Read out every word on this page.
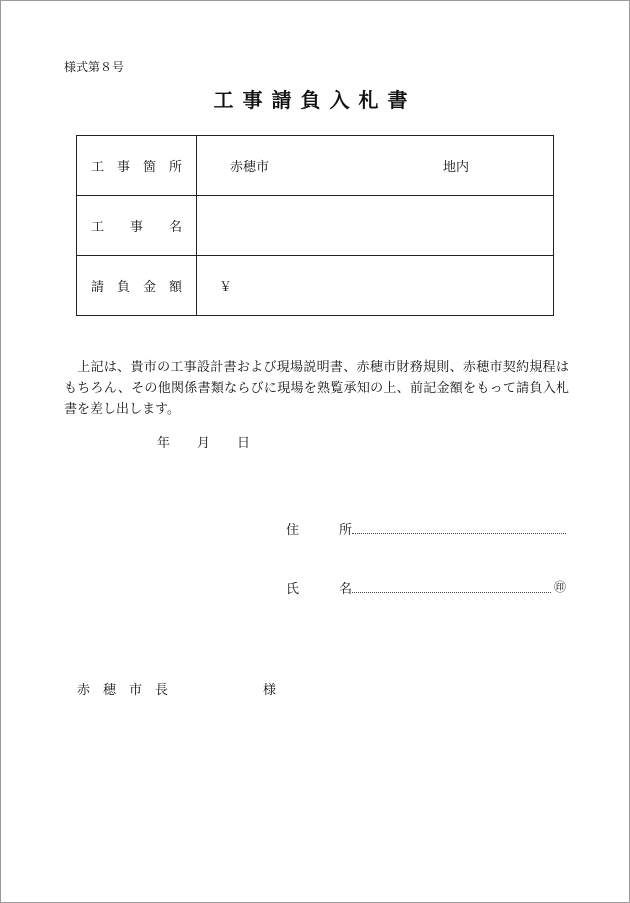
様式第８号
工事請負入札書
工 事 箇 所	赤穂市 地内

工 事 名	

請 負 金 額	￥
　上記は、貴市の工事設計書および現場説明書、赤穂市財務規則、赤穂市契約規程はもちろん、その他関係書類ならびに現場を熟覧承知の上、前記金額をもって請負入札書を差し出します。
年 月 日
住	所
氏	名	㊞
赤 穂 市 長	様
